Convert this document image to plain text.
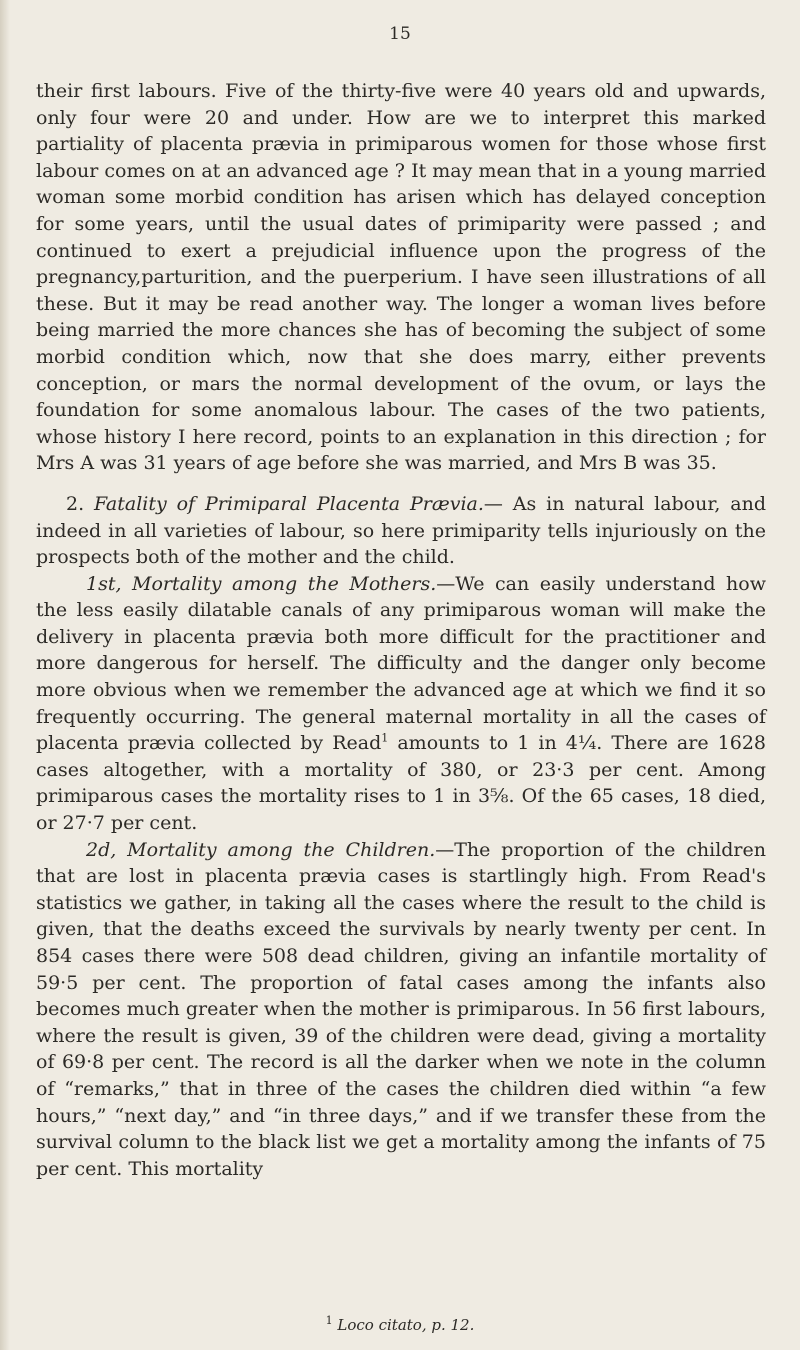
15

their first labours. Five of the thirty-five were 40 years old and upwards, only four were 20 and under. How are we to interpret this marked partiality of placenta prævia in primiparous women for those whose first labour comes on at an advanced age ? It may mean that in a young married woman some morbid condition has arisen which has delayed conception for some years, until the usual dates of primiparity were passed ; and continued to exert a prejudicial influence upon the progress of the pregnancy,parturition, and the puerperium. I have seen illustrations of all these. But it may be read another way. The longer a woman lives before being married the more chances she has of becoming the subject of some morbid condition which, now that she does marry, either prevents conception, or mars the normal development of the ovum, or lays the foundation for some anomalous labour. The cases of the two patients, whose history I here record, points to an explanation in this direction ; for Mrs A was 31 years of age before she was married, and Mrs B was 35.

2. Fatality of Primiparal Placenta Prævia.— As in natural labour, and indeed in all varieties of labour, so here primiparity tells injuriously on the prospects both of the mother and the child.

1st, Mortality among the Mothers.—We can easily understand how the less easily dilatable canals of any primiparous woman will make the delivery in placenta prævia both more difficult for the practitioner and more dangerous for herself. The difficulty and the danger only become more obvious when we remember the advanced age at which we find it so frequently occurring. The general maternal mortality in all the cases of placenta prævia collected by Read$^1$ amounts to 1 in 4¼. There are 1628 cases altogether, with a mortality of 380, or 23·3 per cent. Among primiparous cases the mortality rises to 1 in 3⅝. Of the 65 cases, 18 died, or 27·7 per cent.

2d, Mortality among the Children.—The proportion of the children that are lost in placenta prævia cases is startlingly high. From Read's statistics we gather, in taking all the cases where the result to the child is given, that the deaths exceed the survivals by nearly twenty per cent. In 854 cases there were 508 dead children, giving an infantile mortality of 59·5 per cent. The proportion of fatal cases among the infants also becomes much greater when the mother is primiparous. In 56 first labours, where the result is given, 39 of the children were dead, giving a mortality of 69·8 per cent. The record is all the darker when we note in the column of “remarks,” that in three of the cases the children died within “a few hours,” “next day,” and “in three days,” and if we transfer these from the survival column to the black list we get a mortality among the infants of 75 per cent. This mortality

$^1$ Loco citato, p. 12.
